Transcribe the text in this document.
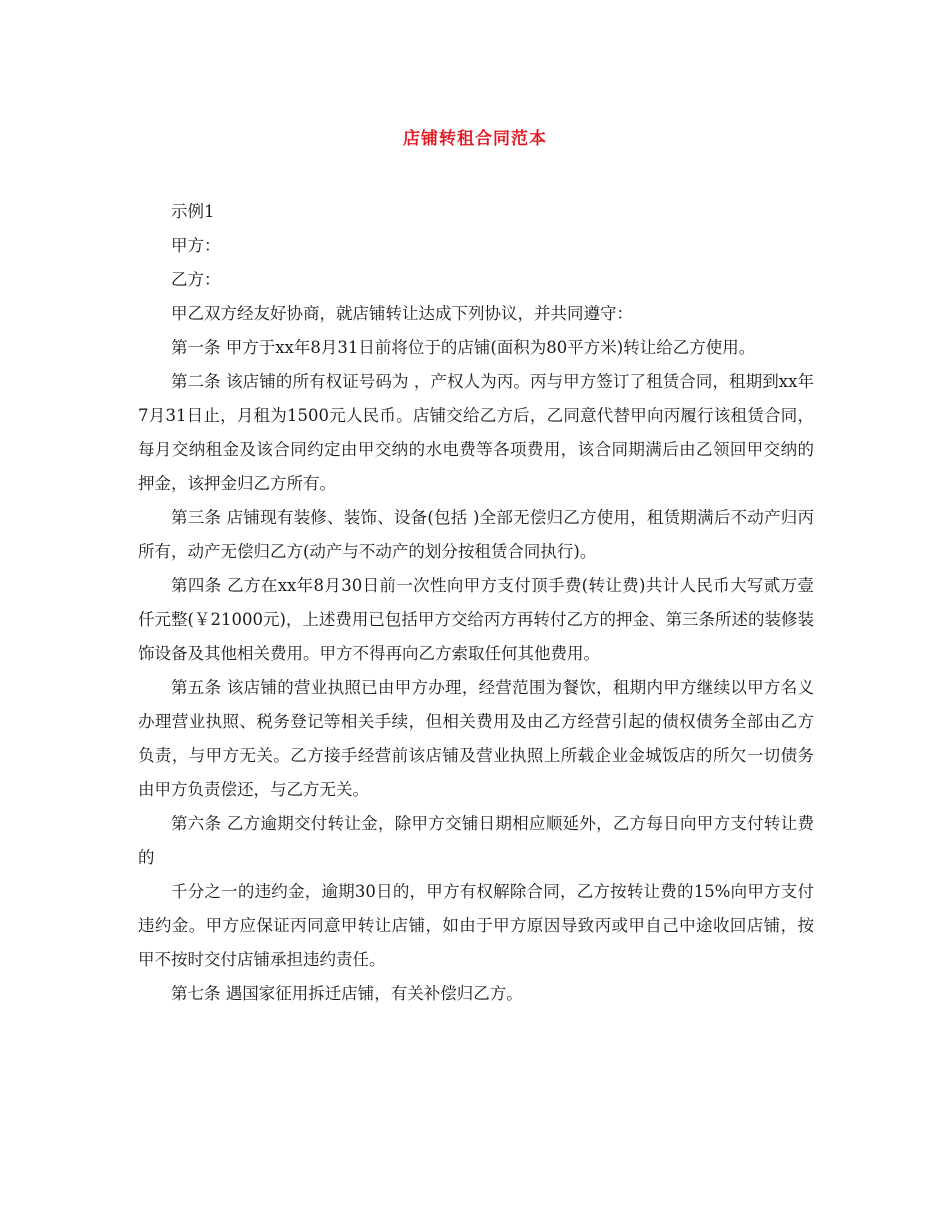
店铺转租合同范本

示例1

甲方：

乙方：

甲乙双方经友好协商，就店铺转让达成下列协议，并共同遵守：

第一条 甲方于xx年8月31日前将位于的店铺(面积为80平方米)转让给乙方使用。

第二条 该店铺的所有权证号码为 ，产权人为丙。丙与甲方签订了租赁合同，租期到xx年7月31日止，月租为1500元人民币。店铺交给乙方后，乙同意代替甲向丙履行该租赁合同，每月交纳租金及该合同约定由甲交纳的水电费等各项费用，该合同期满后由乙领回甲交纳的押金，该押金归乙方所有。

第三条 店铺现有装修、装饰、设备(包括 )全部无偿归乙方使用，租赁期满后不动产归丙所有，动产无偿归乙方(动产与不动产的划分按租赁合同执行)。

第四条 乙方在xx年8月30日前一次性向甲方支付顶手费(转让费)共计人民币大写贰万壹仟元整(￥21000元)，上述费用已包括甲方交给丙方再转付乙方的押金、第三条所述的装修装饰设备及其他相关费用。甲方不得再向乙方索取任何其他费用。

第五条 该店铺的营业执照已由甲方办理，经营范围为餐饮，租期内甲方继续以甲方名义办理营业执照、税务登记等相关手续，但相关费用及由乙方经营引起的债权债务全部由乙方负责，与甲方无关。乙方接手经营前该店铺及营业执照上所载企业金城饭店的所欠一切债务由甲方负责偿还，与乙方无关。

第六条 乙方逾期交付转让金，除甲方交铺日期相应顺延外，乙方每日向甲方支付转让费的

千分之一的违约金，逾期30日的，甲方有权解除合同，乙方按转让费的15%向甲方支付违约金。甲方应保证丙同意甲转让店铺，如由于甲方原因导致丙或甲自己中途收回店铺，按甲不按时交付店铺承担违约责任。

第七条 遇国家征用拆迁店铺，有关补偿归乙方。
